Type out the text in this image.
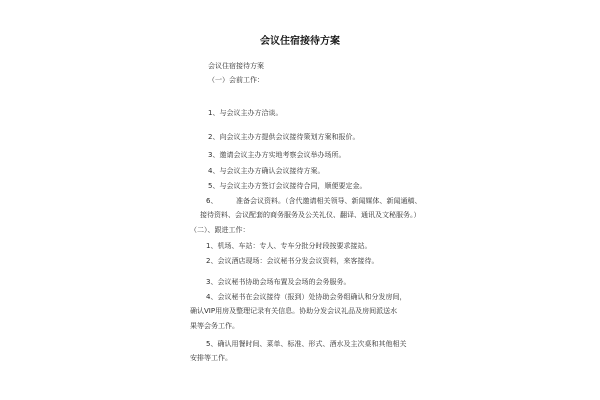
会议住宿接待方案
会议住宿接待方案
（一）会前工作：
1、与会议主办方洽谈。
2、向会议主办方提供会议接待策划方案和报价。
3、邀请会议主办方实地考察会议举办场所。
4、与会议主办方确认会议接待方案。
5、与会议主办方签订会议接待合同，顺便要定金。
6、	准备会议资料。（含代邀请相关领导、新闻媒体、新闻通稿、
接待资料、会议配套的商务服务及公关礼仪、翻译、通讯及文秘服务。）
（二）、跟进工作：
1、机场、车站：专人、专车分批分时段按要求接站。
2、会议酒店现场：会议秘书分发会议资料，来客接待。
3、会议秘书协助会场布置及会场的会务服务。
4、会议秘书在会议接待（报到）处协助会务组确认和分发房间，
确认VIP用房及整理记录有关信息。协助分发会议礼品及房间派送水
果等会务工作。
5、确认用餐时间、菜单、标准、形式、酒水及主次桌和其他相关
安排等工作。
